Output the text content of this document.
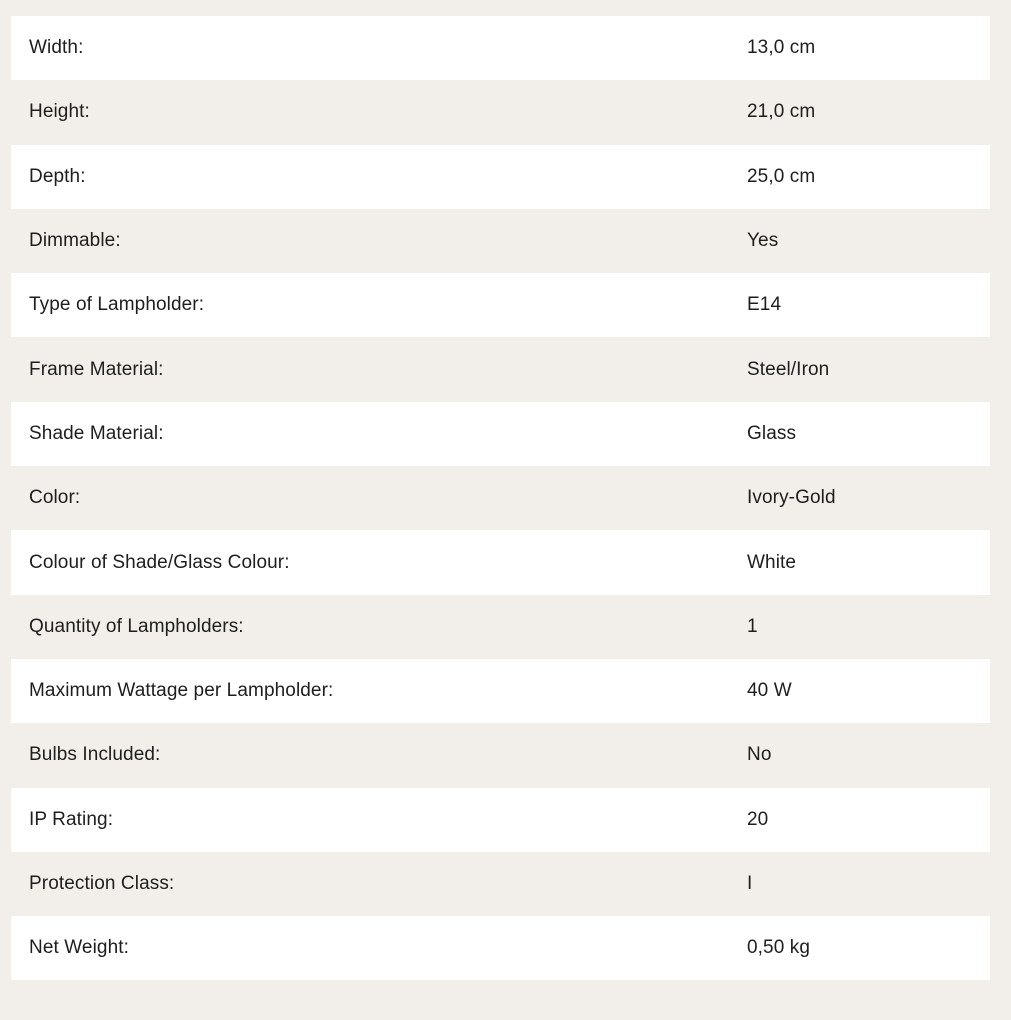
Width:	13,0 cm
Height:	21,0 cm
Depth:	25,0 cm
Dimmable:	Yes
Type of Lampholder:	E14
Frame Material:	Steel/Iron
Shade Material:	Glass
Color:	Ivory-Gold
Colour of Shade/Glass Colour:	White
Quantity of Lampholders:	1
Maximum Wattage per Lampholder:	40 W
Bulbs Included:	No
IP Rating:	20
Protection Class:	I
Net Weight:	0,50 kg
